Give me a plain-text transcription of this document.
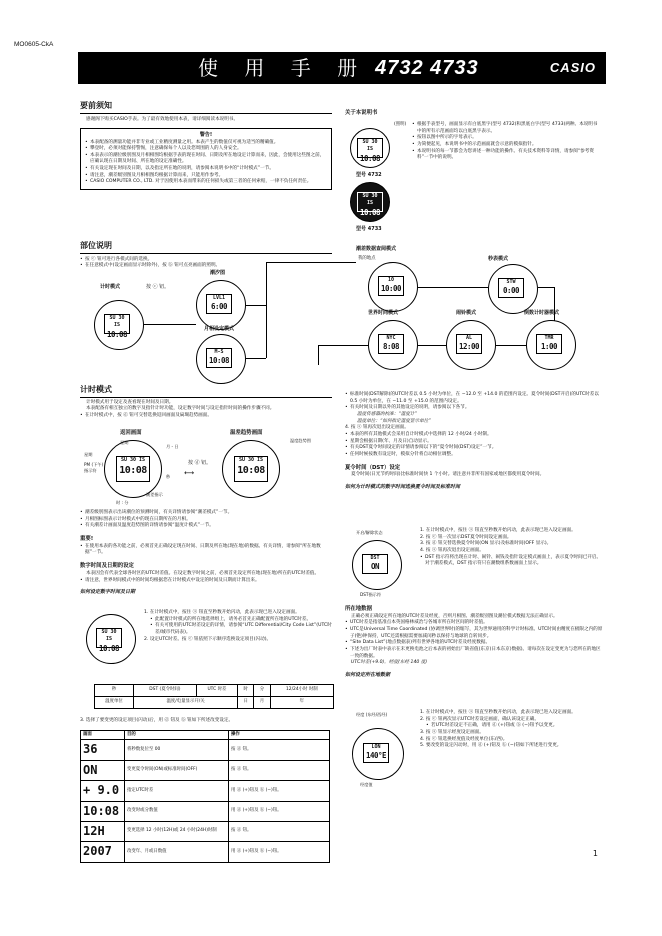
MO0605-CkA
使 用 手 册 4732 4733	CASIO
要前须知
感谢阁下购买CASIO手表。为了最有效地使用本表，请详细阅读本说明书。
警告!
• 本表配备的测量功能并非专业或工业精度测量之用。本表产生的数值仅可视为适当的精确值。
• 攀登时，必须对能保持警惕，注意确保每个人以及您周围的人的人身安全。
• 本表表示的潮位级别图及月相相图均根据手表的现在时间、日期及所在地设定计算而来，因此，会使用这些图之前，应确认现在日期及时间、所在地的设定准确性。
• 有关设定现在时间及日期，以及指定所在地的说明，请参阅本说明书中的“计时模式”一节。
• 请注意，潮差级别图及月相相图均根据计算而来，只能用作参考。
• CASIO COMPUTER CO., LTD. 对于因使用本表而带来的任何损失或第三者的任何索赔，一律不负任何责任。
关于本说明书
(照明)
SU 30 IS
10:08
型号 4732
SU 30 IS
10:08
型号 4733
• 根据手表型号，画面显示有白底黑字(型号 4732)和黑底白字(型号 4733)两种。本说明书中的所有示范画面均以白底黑字表示。
• 按钮以图中所示的字母表示。
• 为简便起见，本说明书中的示范画面就会示意的模拟指针。
• 本说明书的每一节都会为您讲述一种功能的操作。有关技术资料等详情，请参阅“参考资料”一节中的说明。
部位说明
• 按 ⓒ 钮可进行各模式间的选换。
• 在任意模式中(设定画面显示时除外)，按 ⓑ 钮可点亮画面的照明。
计时模式	按 ⓒ 钮。
SU 30 IS
10:08
潮汐图
LVL1
6:00
月相设定模式
M-S
10:08
潮差数据查阅模式
我的地点
10
10:00
秒表模式
STW
0:00
世界时间模式
NYC
8:08
闹铃模式
AL
12:00
倒数计时器模式
TMR
1:00
计时模式
计时模式用于设定及查看现在时间及日期。
本表配备有相互独立的数字及指针计时功能，设定数字时间与设定指针时间的操作步骤不同。
• 在计时模式中，按 ⓓ 钮可交替选换返回画面及扁瑚趋势画面。
返回画面	温差趋势画面
SU 30 IS
10:08
SU 30 IS
10:08
星期
星期
PM (下午) 指示符
时 : 分
月 - 日
秒
潮差指示
温度趋势图
按 ⓓ 钮。
⟷
• 潮差级别图表示出该潮位的预测时间，有关详情请参阅“潮差模式”一节。
• 月相图标图表示计时模式中的现在日期所在的月相。
• 有关潮差计画面及温度趋势图的详情请参阅“温度计模式”一节。
重要!
• 在使用本表的各功能之前，必须首先正确设定现在时间、日期及所在地(现在地)的数据。有关详情，请参阅“所在地数据”一节。
数字时间及日期的设定
本表因会有代表全球各时区的UTC时差值。在设定数字时间之前，必须首先设定所在地(现在地)所在的UTC时差值。
• 请注意，世界时间模式中的时间均根据您在计时模式中设定的时间及日期而计算出来。
如何设定数字时间及日期
SU 30 IS
10:08
1. 在计时模式中，按住 ⓐ 钮直至秒数开始闪动，此表示现已进入设定画面。
• 此配置计时模式的所在地选择组上，请务必首先正确配置所在地的UTC时差。
• 有关可使用的UTC时差设定的详情，请参阅“UTC Differential/City Code List”(UTC时差/城市代码表)。
2. 设定UTC时差。按 ⓒ 钮依照下示顺序选换设定项目(闪动)。
秒	DST (夏令时间)	UTC 时差	时	分	12/24小时 时制
温度单位	温度/电量显示开/关		日	月	年
3. 选择了要变更的设定项目(闪动)后，用 ⓓ 钮及 ⓑ 钮如下所述改变设定。
画面	目的	操作
36	将秒数复位至 00	按 ⓓ 钮。
ON	变更夏令时间(ON)或标准时间(OFF)	按 ⓓ 钮。
+ 9.0	指定UTC时差	用 ⓓ (+)钮及 ⓑ (−)钮。
10:08	改变时或分数值	用 ⓓ (+)钮及 ⓑ (−)钮。
12H	变更选择 12 小时(12H)或 24 小时(24H)时制	按 ⓓ 钮。
2007	改变年、月或日数值	用 ⓓ (+)钮及 ⓑ (−)钮。
• 标准时间(DST解除)的UTC时差以 0.5 小时为单位，在 −12.0 至 +14.0 的范围内设定。夏令时间(DST开启)的UTC时差以 0.5 小时为单位，在 −11.0 至 +15.0 的范围内设定。
• 有关时间及日期以外的其他设定的说明，请参阅以下各节。
温度传感器的校准：“温度计”
温度单位：“如何指定温度显示单位”
4. 按 ⓐ 钮再次退出设定画面。
• 本表的所有其他模式会采用自计时模式中选择的 12 小时/24 小时制。
• 星期会根据日期(年、月及日)自动显示。
• 有关DST夏令时间设定的详情请参阅以下的“夏令时间(DST)设定”一节。
• 任何时候按数有设定时，模拟分针将自动相位调整。
夏令时间（DST）设定
夏令时间(日光节约时间)比标准时间快 1 个小时。请注意并非所有国家或地区都使用夏令时间。
如何为计时模式的数字时间选换夏令时间及标准时间
开启/解除状态
DST
ON
DST指示符
1. 在计时模式中，按住 ⓐ 钮直至秒数开始闪动，此表示现已进入设定画面。
2. 按 ⓒ 钮一次显示DST夏令时间设定画面。
3. 按 ⓓ 钮交替选换夏令时间(ON 显示)及标准时间(OFF 显示)。
4. 按 ⓐ 钮再次退出设定画面。
• DST 指示符将出现在计时、闹铃、闹钱及指针设定模式画面上，表示夏令时间已开启。对于潮差模式，DST 指示符只在潮数组系数画面上显示。
所在地数据
正确必须正确设定所在地的UTC时差及经度，否则月相图、潮差级别图及潮位模式数据无法正确显示。
• UTC时差是指基准点本英国格林威治与各城市所在时区间的时差值。
• UTC是Universal Time Coordinated (协调世界时)的缩写，其为世界通用的科学计时标准。UTC时间由精度在极限之内的原子(铯)钟保持，UTC还需根据需要加减闰秒以保持与地球的自转同步。
• “Site Data List”(地点数据表)列有世界各地的UTC时差及经度数据。
• 下述为出厂时表中表示在未更换电池之后本表的初始出厂缺省值(东京(日本东京)数据)。请每次在设定变更为与您所在的地区一致的数据。
UTC时差(+9.0)，经度(东经 140 度)
如何设定所在地数据
经度 (东经/西经)
LON
140°E
经度值
1. 在计时模式中，按住 ⓐ 钮直至秒数开始闪动，此表示现已进入设定画面。
2. 按 ⓒ 钮两次显示UTC时差设定画面，确认该设定正确。
• 若UTC时差设定不正确，请用 ⓓ (+)钮或 ⓑ (−)钮予以变更。
3. 按 ⓐ 钮显示经度设定画面。
4. 按 ⓒ 钮选换经度值及经度单位(东/西)。
5. 要改变的设定闪动时，用 ⓓ (+)钮及 ⓑ (−)钮如下所述进行变更。
1
